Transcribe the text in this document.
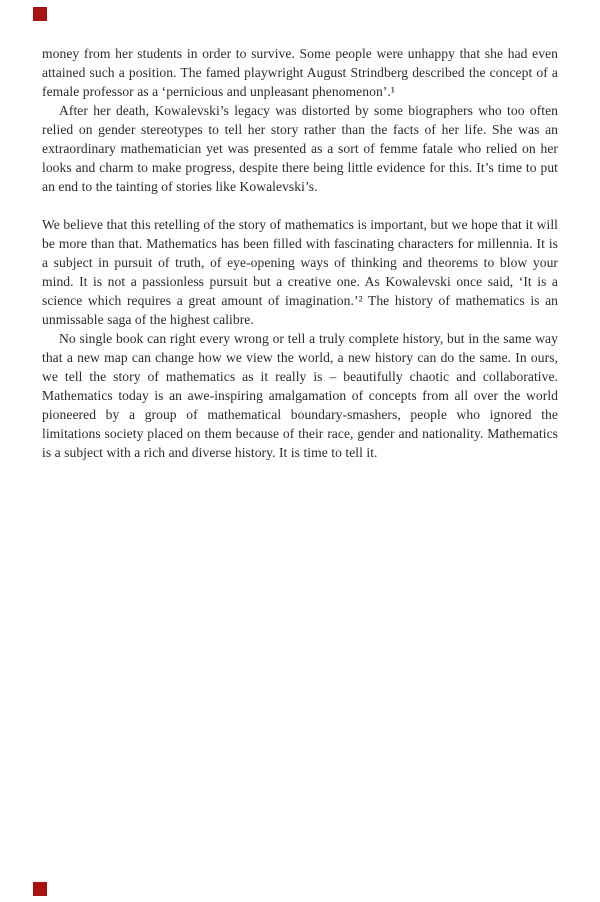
money from her students in order to survive. Some people were unhappy that she had even attained such a position. The famed playwright August Strindberg described the concept of a female professor as a ‘pernicious and unpleasant phenomenon’.¹

After her death, Kowalevski’s legacy was distorted by some biographers who too often relied on gender stereotypes to tell her story rather than the facts of her life. She was an extraordinary mathematician yet was presented as a sort of femme fatale who relied on her looks and charm to make progress, despite there being little evidence for this. It’s time to put an end to the tainting of stories like Kowalevski’s.

We believe that this retelling of the story of mathematics is important, but we hope that it will be more than that. Mathematics has been filled with fascinating characters for millennia. It is a subject in pursuit of truth, of eye-opening ways of thinking and theorems to blow your mind. It is not a passionless pursuit but a creative one. As Kowalevski once said, ‘It is a science which requires a great amount of imagination.’² The history of mathematics is an unmissable saga of the highest calibre.

No single book can right every wrong or tell a truly complete history, but in the same way that a new map can change how we view the world, a new history can do the same. In ours, we tell the story of mathematics as it really is – beautifully chaotic and collaborative. Mathematics today is an awe-inspiring amalgamation of concepts from all over the world pioneered by a group of mathematical boundary-smashers, people who ignored the limitations society placed on them because of their race, gender and nationality. Mathematics is a subject with a rich and diverse history. It is time to tell it.
